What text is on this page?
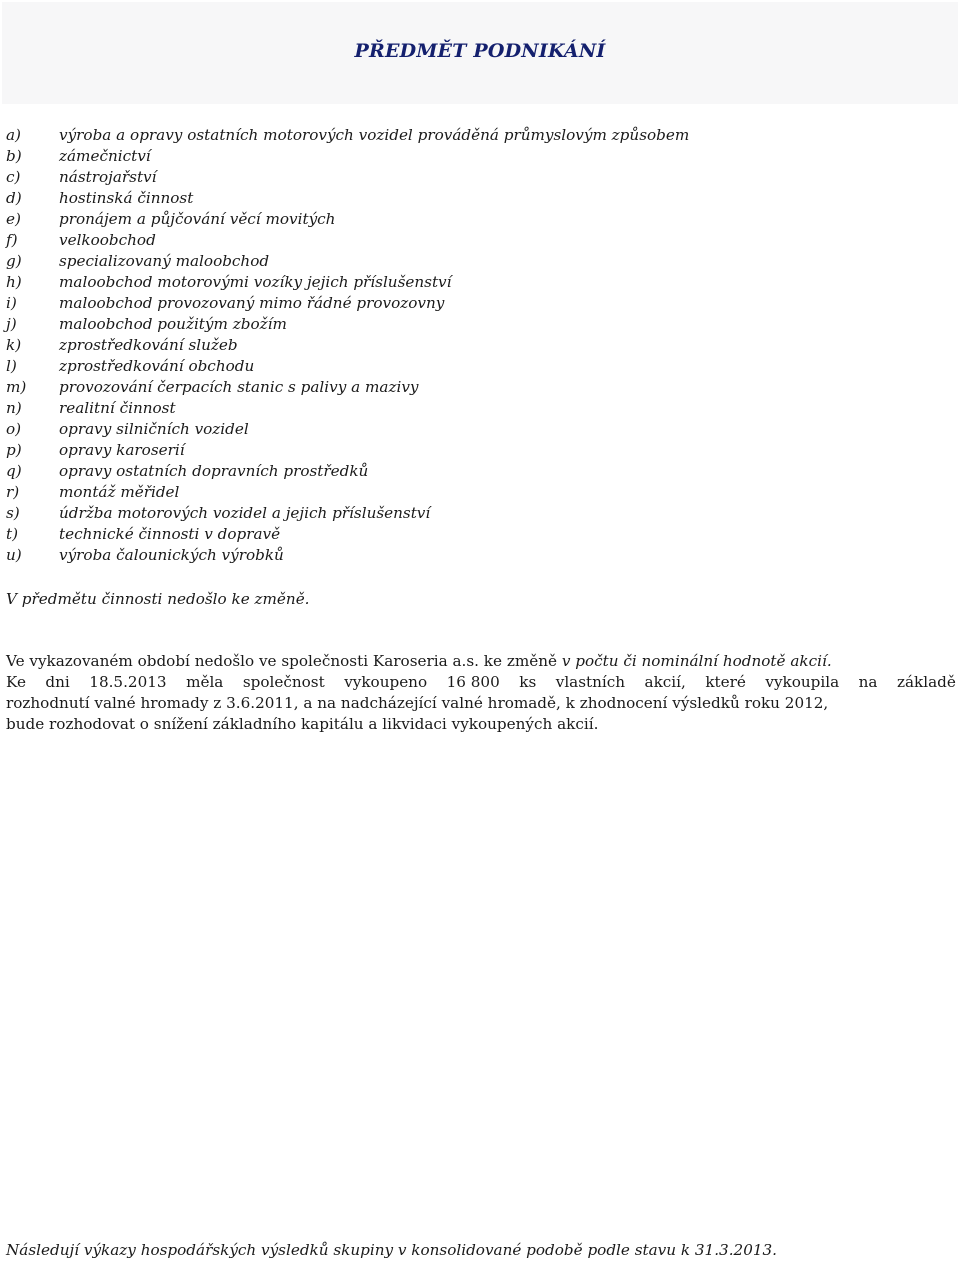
PŘEDMĚT PODNIKÁNÍ
a)	výroba a opravy ostatních motorových vozidel prováděná průmyslovým způsobem
b) zámečnictví
c)	nástrojařství
d) hostinská činnost
e)	pronájem a půjčování věcí movitých
f)	velkoobchod
g) specializovaný maloobchod
h) maloobchod motorovými vozíky jejich příslušenství
i)	maloobchod provozovaný mimo řádné provozovny
j)	maloobchod použitým zbožím
k) zprostředkování služeb
l)	zprostředkování obchodu
m) provozování čerpacích stanic s palivy a mazivy
n) realitní činnost
o) opravy silničních vozidel
p) opravy karoserií
q) opravy ostatních dopravních prostředků
r)	montáž měřidel
s)	údržba motorových vozidel a jejich příslušenství
t)	technické činnosti v dopravě
u) výroba čalounických výrobků

V předmětu činnosti nedošlo ke změně.

Ve vykazovaném období nedošlo ve společnosti Karoseria a.s. ke změně v počtu či nominální hodnotě akcií.
Ke dni 18.5.2013 měla společnost vykoupeno 16 800 ks vlastních akcií, které vykoupila na základě
rozhodnutí valné hromady z 3.6.2011, a na nadcházející valné hromadě, k zhodnocení výsledků roku 2012,
bude rozhodovat o snížení základního kapitálu a likvidaci vykoupených akcií.

Následují výkazy hospodářských výsledků skupiny v konsolidované podobě podle stavu k 31.3.2013.
